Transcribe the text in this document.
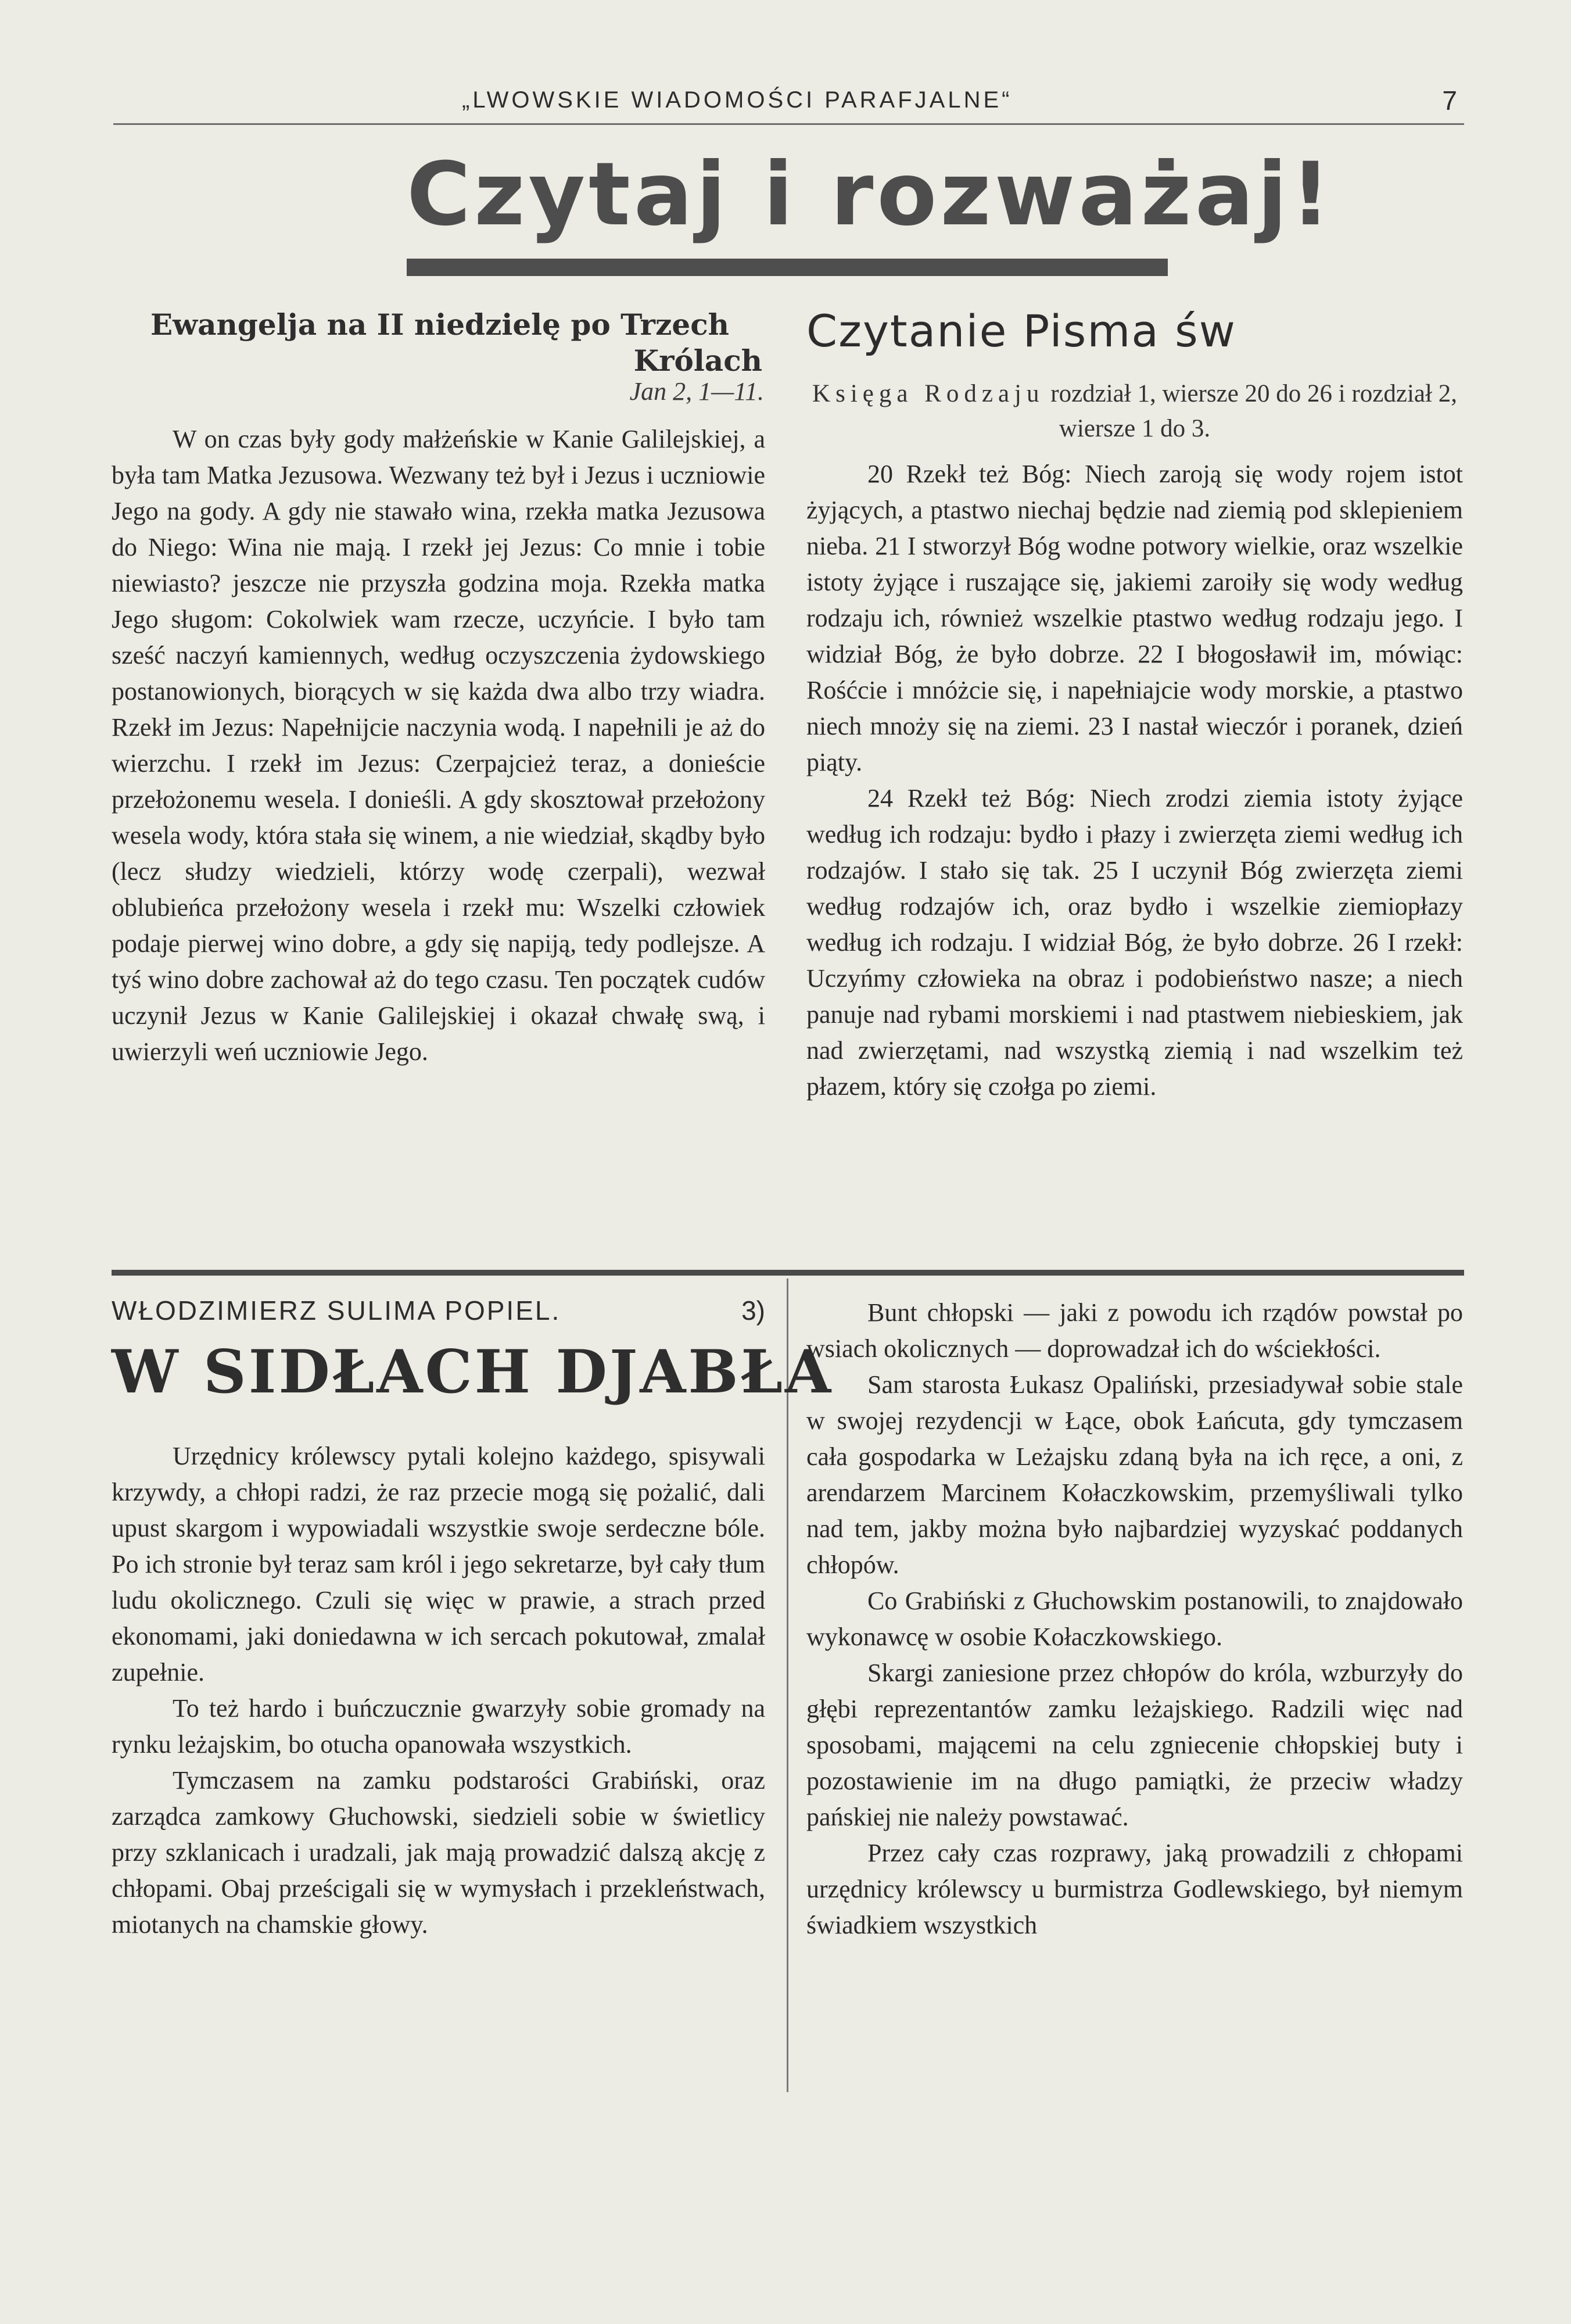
„LWOWSKIE WIADOMOŚCI PARAFJALNE“	7
Czytaj i rozważaj!
Ewangelja na II niedzielę po Trzech
Królach
Jan 2, 1—11.

W on czas były gody małżeńskie w Kanie Galilejskiej, a była tam Matka Jezusowa. Wezwany też był i Jezus i uczniowie Jego na gody. A gdy nie stawało wina, rzekła matka Jezusowa do Niego: Wina nie mają. I rzekł jej Jezus: Co mnie i tobie niewiasto? jeszcze nie przyszła godzina moja. Rzekła matka Jego sługom: Cokolwiek wam rzecze, uczyńcie. I było tam sześć naczyń kamiennych, według oczyszczenia żydowskiego postanowionych, biorących w się każda dwa albo trzy wiadra. Rzekł im Jezus: Napełnijcie naczynia wodą. I napełnili je aż do wierzchu. I rzekł im Jezus: Czerpajcież teraz, a donieście przełożonemu wesela. I donieśli. A gdy skosztował przełożony wesela wody, która stała się winem, a nie wiedział, skądby było (lecz słudzy wiedzieli, którzy wodę czerpali), wezwał oblubieńca przełożony wesela i rzekł mu: Wszelki człowiek podaje pierwej wino dobre, a gdy się napiją, tedy podlejsze. A tyś wino dobre zachował aż do tego czasu. Ten początek cudów uczynił Jezus w Kanie Galilejskiej i okazał chwałę swą, i uwierzyli weń uczniowie Jego.

Czytanie Pisma św
Księga Rodzaju rozdział 1, wiersze 20 do 26 i rozdział 2, wiersze 1 do 3.

20 Rzekł też Bóg: Niech zaroją się wody rojem istot żyjących, a ptastwo niechaj będzie nad ziemią pod sklepieniem nieba. 21 I stworzył Bóg wodne potwory wielkie, oraz wszelkie istoty żyjące i ruszające się, jakiemi zaroiły się wody według rodzaju ich, również wszelkie ptastwo według rodzaju jego. I widział Bóg, że było dobrze. 22 I błogosławił im, mówiąc: Rośćcie i mnóżcie się, i napełniajcie wody morskie, a ptastwo niech mnoży się na ziemi. 23 I nastał wieczór i poranek, dzień piąty.

24 Rzekł też Bóg: Niech zrodzi ziemia istoty żyjące według ich rodzaju: bydło i płazy i zwierzęta ziemi według ich rodzajów. I stało się tak. 25 I uczynił Bóg zwierzęta ziemi według rodzajów ich, oraz bydło i wszelkie ziemiopłazy według ich rodzaju. I widział Bóg, że było dobrze. 26 I rzekł: Uczyńmy człowieka na obraz i podobieństwo nasze; a niech panuje nad rybami morskiemi i nad ptastwem niebieskiem, jak nad zwierzętami, nad wszystką ziemią i nad wszelkim też płazem, który się czołga po ziemi.

WŁODZIMIERZ SULIMA POPIEL.	3)
W SIDŁACH DJABŁA

Urzędnicy królewscy pytali kolejno każdego, spisywali krzywdy, a chłopi radzi, że raz przecie mogą się pożalić, dali upust skargom i wypowiadali wszystkie swoje serdeczne bóle. Po ich stronie był teraz sam król i jego sekretarze, był cały tłum ludu okolicznego. Czuli się więc w prawie, a strach przed ekonomami, jaki doniedawna w ich sercach pokutował, zmalał zupełnie.

To też hardo i buńczucznie gwarzyły sobie gromady na rynku leżajskim, bo otucha opanowała wszystkich.

Tymczasem na zamku podstarości Grabiński, oraz zarządca zamkowy Głuchowski, siedzieli sobie w świetlicy przy szklanicach i uradzali, jak mają prowadzić dalszą akcję z chłopami. Obaj prześcigali się w wymysłach i przekleństwach, miotanych na chamskie głowy.

Bunt chłopski — jaki z powodu ich rządów powstał po wsiach okolicznych — doprowadzał ich do wściekłości.

Sam starosta Łukasz Opaliński, przesiadywał sobie stale w swojej rezydencji w Łące, obok Łańcuta, gdy tymczasem cała gospodarka w Leżajsku zdaną była na ich ręce, a oni, z arendarzem Marcinem Kołaczkowskim, przemyśliwali tylko nad tem, jakby można było najbardziej wyzyskać poddanych chłopów.

Co Grabiński z Głuchowskim postanowili, to znajdowało wykonawcę w osobie Kołaczkowskiego.

Skargi zaniesione przez chłopów do króla, wzburzyły do głębi reprezentantów zamku leżajskiego. Radzili więc nad sposobami, mającemi na celu zgniecenie chłopskiej buty i pozostawienie im na długo pamiątki, że przeciw władzy pańskiej nie należy powstawać.

Przez cały czas rozprawy, jaką prowadzili z chłopami urzędnicy królewscy u burmistrza Godlewskiego, był niemym świadkiem wszystkich
